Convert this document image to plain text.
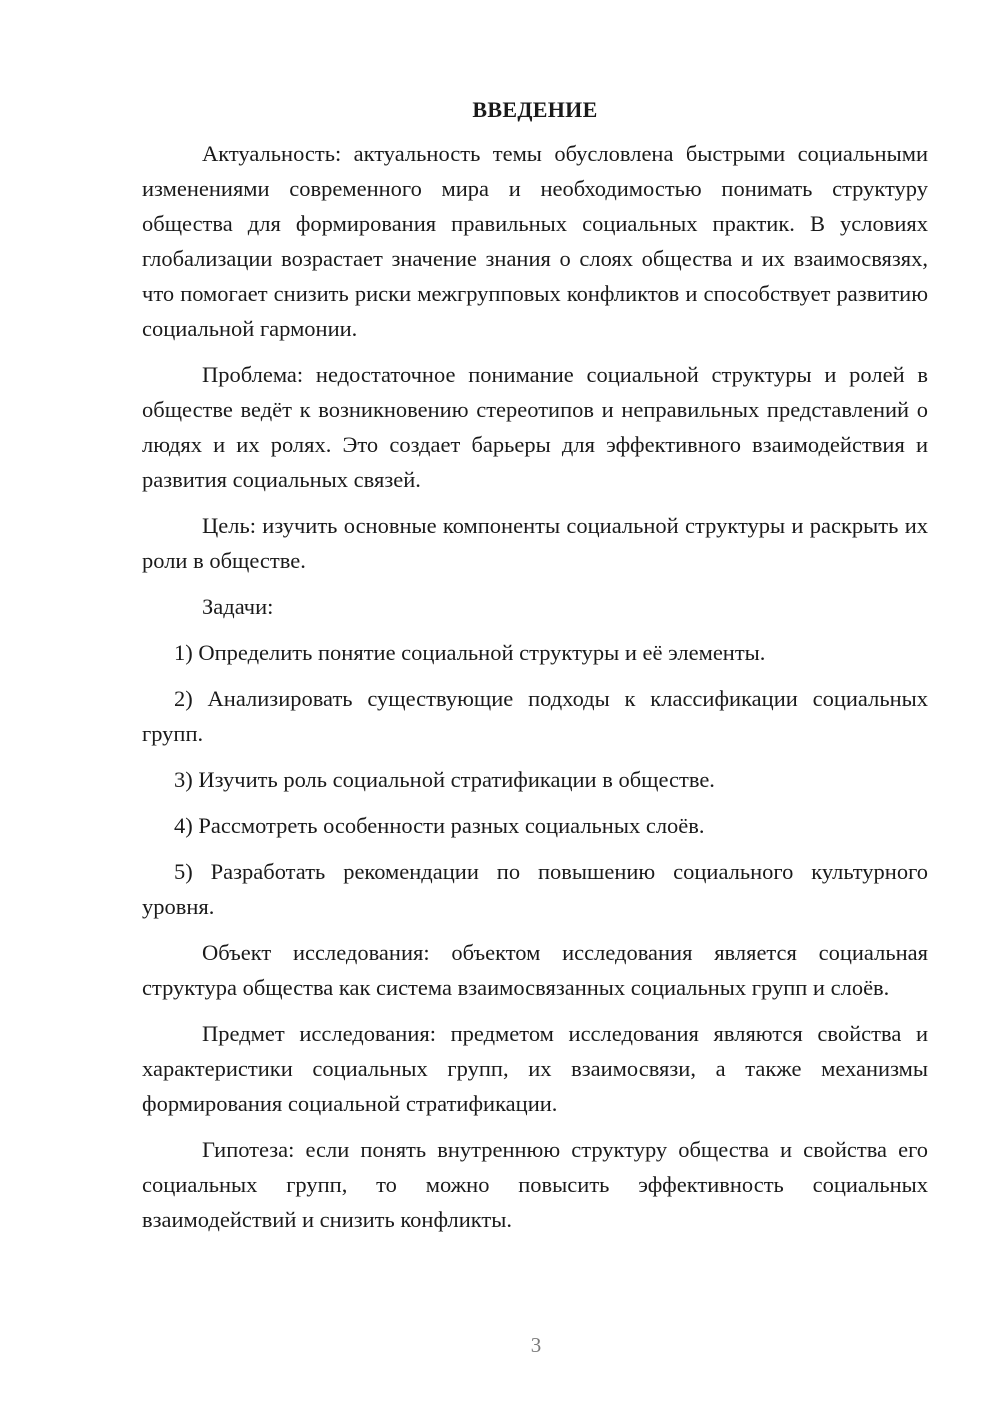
ВВЕДЕНИЕ

Актуальность: актуальность темы обусловлена быстрыми социальными изменениями современного мира и необходимостью понимать структуру общества для формирования правильных социальных практик. В условиях глобализации возрастает значение знания о слоях общества и их взаимосвязях, что помогает снизить риски межгрупповых конфликтов и способствует развитию социальной гармонии.

Проблема: недостаточное понимание социальной структуры и ролей в обществе ведёт к возникновению стереотипов и неправильных представлений о людях и их ролях. Это создает барьеры для эффективного взаимодействия и развития социальных связей.

Цель: изучить основные компоненты социальной структуры и раскрыть их роли в обществе.

Задачи:

1) Определить понятие социальной структуры и её элементы.

2) Анализировать существующие подходы к классификации социальных групп.

3) Изучить роль социальной стратификации в обществе.

4) Рассмотреть особенности разных социальных слоёв.

5) Разработать рекомендации по повышению социального культурного уровня.

Объект исследования: объектом исследования является социальная структура общества как система взаимосвязанных социальных групп и слоёв.

Предмет исследования: предметом исследования являются свойства и характеристики социальных групп, их взаимосвязи, а также механизмы формирования социальной стратификации.

Гипотеза: если понять внутреннюю структуру общества и свойства его социальных групп, то можно повысить эффективность социальных взаимодействий и снизить конфликты.

3
